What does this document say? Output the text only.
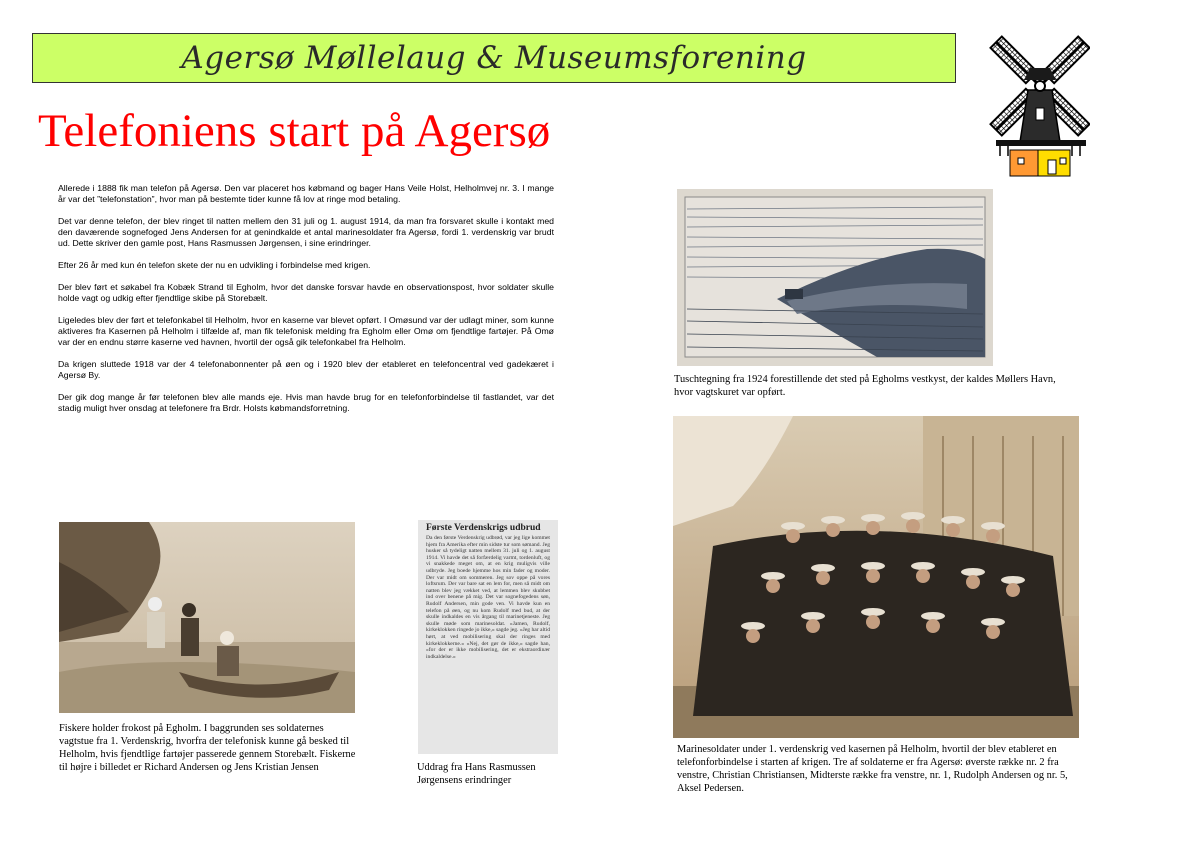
Agersø Møllelaug & Museumsforening
Telefoniens start på Agersø

Allerede i 1888 fik man telefon på Agersø. Den var placeret hos købmand og bager Hans Veile Holst, Helholmvej nr. 3. I mange år var det ”telefonstation”, hvor man på bestemte tider kunne få lov at ringe mod betaling.

Det var denne telefon, der blev ringet til natten mellem den 31 juli og 1. august 1914, da man fra forsvaret skulle i kontakt med den daværende sognefoged Jens Andersen for at genindkalde et antal marinesoldater fra Agersø, fordi 1. verdenskrig var brudt ud. Dette skriver den gamle post, Hans Rasmussen Jørgensen, i sine erindringer.

Efter 26 år med kun én telefon skete der nu en udvikling i forbindelse med krigen.

Der blev ført et søkabel fra Kobæk Strand til Egholm, hvor det danske forsvar havde en observationspost, hvor soldater skulle holde vagt og udkig efter fjendtlige skibe på Storebælt.

Ligeledes blev der ført et telefonkabel til Helholm, hvor en kaserne var blevet opført. I Omøsund var der udlagt miner, som kunne aktiveres fra Kasernen på Helholm i tilfælde af, man fik telefonisk melding fra Egholm eller Omø om fjendtlige fartøjer. På Omø var der en endnu større kaserne ved havnen, hvortil der også gik telefonkabel fra Helholm.

Da krigen sluttede 1918 var der 4 telefonabonnenter på øen og i 1920 blev der etableret en telefoncentral ved gadekæret i Agersø By.

Der gik dog mange år før telefonen blev alle mands eje. Hvis man havde brug for en telefonforbindelse til fastlandet, var det stadig muligt hver onsdag at telefonere fra Brdr. Holsts købmandsforretning.

Fiskere holder frokost på Egholm. I baggrunden ses soldaternes vagtstue fra 1. Verdenskrig, hvorfra der telefonisk kunne gå besked til Helholm, hvis fjendtlige fartøjer passerede gennem Storebælt. Fiskerne til højre i billedet er Richard Andersen og Jens Kristian Jensen
Første Verdenskrigs udbrud
Da den første Verdenskrig udbrød, var jeg lige kommet hjem fra Amerika efter min sidste tur som sømand. Jeg husker så tydeligt natten mellem 31. juli og 1. august 1914. Vi havde det så forfærdelig varmt, tordenluft, og vi snakkede meget om, at en krig muligvis ville udbryde. Jeg boede hjemme hos min fader og moder. Der var midt om sommeren. Jeg sov oppe på vores loftsrum. Der var bare sat en lem for, men så midt om natten blev jeg vækket ved, at lemmen blev skubbet ind over benene på mig. Det var sognefogedens søn, Rudolf Andersen, min gode ven. Vi havde kun en telefon på øen, og nu kom Rudolf med bud, at der skulle indkaldes en vis årgang til marinetjeneste. Jeg skulle møde som marinesoldat. »Jamen, Rudolf, kirkeklokken ringede jo ikke,« sagde jeg. »Jeg har altid hørt, at ved mobilisering skal der ringes med kirkeklokkerne.« »Nej, det gør de ikke,« sagde han, »for der er ikke mobilisering, det er ekstraordinær indkaldelse.«
Uddrag fra Hans Rasmussen Jørgensens erindringer
Tuschtegning fra 1924 forestillende det sted på Egholms vestkyst, der kaldes Møllers Havn, hvor vagtskuret var opført.
Marinesoldater under 1. verdenskrig ved kasernen på Helholm, hvortil der blev etableret en telefonforbindelse i starten af krigen. Tre af soldaterne er fra Agersø: øverste række nr. 2 fra venstre, Christian Christiansen, Midterste række fra venstre, nr. 1, Rudolph Andersen og nr. 5, Aksel Pedersen.
